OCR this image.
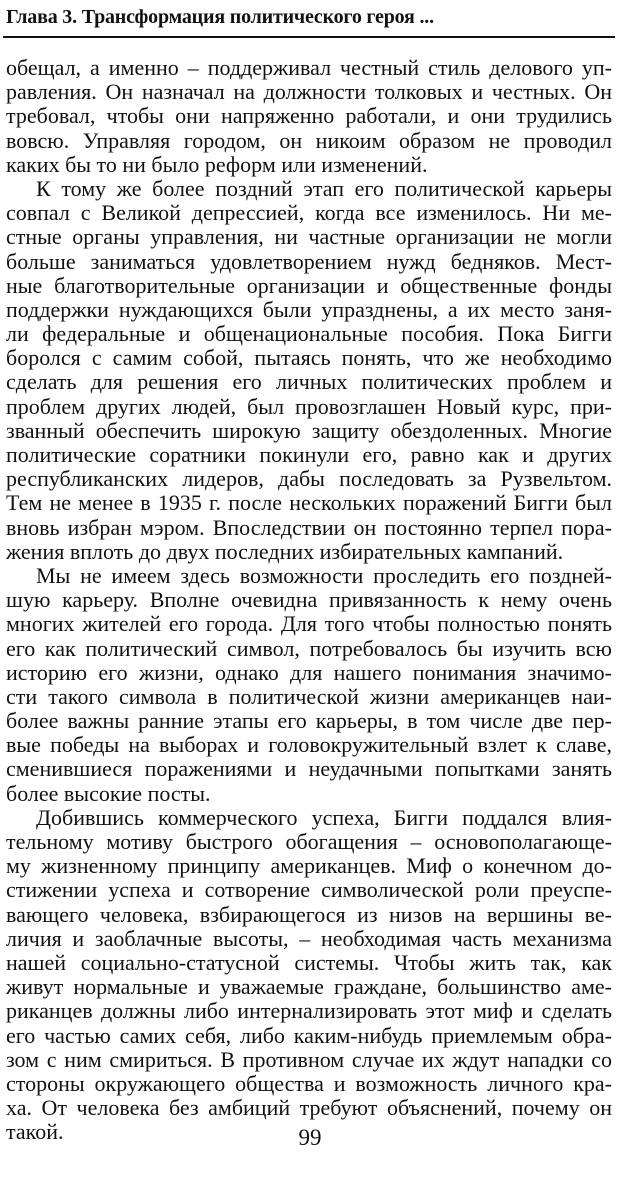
Глава 3. Трансформация политического героя ...
обещал, а именно – поддерживал честный стиль делового уп-
равления. Он назначал на должности толковых и честных. Он
требовал, чтобы они напряженно работали, и они трудились
вовсю. Управляя городом, он никоим образом не проводил
каких бы то ни было реформ или изменений.
К тому же более поздний этап его политической карьеры
совпал с Великой депрессией, когда все изменилось. Ни ме-
стные органы управления, ни частные организации не могли
больше заниматься удовлетворением нужд бедняков. Мест-
ные благотворительные организации и общественные фонды
поддержки нуждающихся были упразднены, а их место заня-
ли федеральные и общенациональные пособия. Пока Бигги
боролся с самим собой, пытаясь понять, что же необходимо
сделать для решения его личных политических проблем и
проблем других людей, был провозглашен Новый курс, при-
званный обеспечить широкую защиту обездоленных. Многие
политические соратники покинули его, равно как и других
республиканских лидеров, дабы последовать за Рузвельтом.
Тем не менее в 1935 г. после нескольких поражений Бигги был
вновь избран мэром. Впоследствии он постоянно терпел пора-
жения вплоть до двух последних избирательных кампаний.
Мы не имеем здесь возможности проследить его поздней-
шую карьеру. Вполне очевидна привязанность к нему очень
многих жителей его города. Для того чтобы полностью понять
его как политический символ, потребовалось бы изучить всю
историю его жизни, однако для нашего понимания значимо-
сти такого символа в политической жизни американцев наи-
более важны ранние этапы его карьеры, в том числе две пер-
вые победы на выборах и головокружительный взлет к славе,
сменившиеся поражениями и неудачными попытками занять
более высокие посты.
Добившись коммерческого успеха, Бигги поддался влия-
тельному мотиву быстрого обогащения – основополагающе-
му жизненному принципу американцев. Миф о конечном до-
стижении успеха и сотворение символической роли преуспе-
вающего человека, взбирающегося из низов на вершины ве-
личия и заоблачные высоты, – необходимая часть механизма
нашей социально-статусной системы. Чтобы жить так, как
живут нормальные и уважаемые граждане, большинство аме-
риканцев должны либо интернализировать этот миф и сделать
его частью самих себя, либо каким-нибудь приемлемым обра-
зом с ним смириться. В противном случае их ждут нападки со
стороны окружающего общества и возможность личного кра-
ха. От человека без амбиций требуют объяснений, почему он
такой.	99
